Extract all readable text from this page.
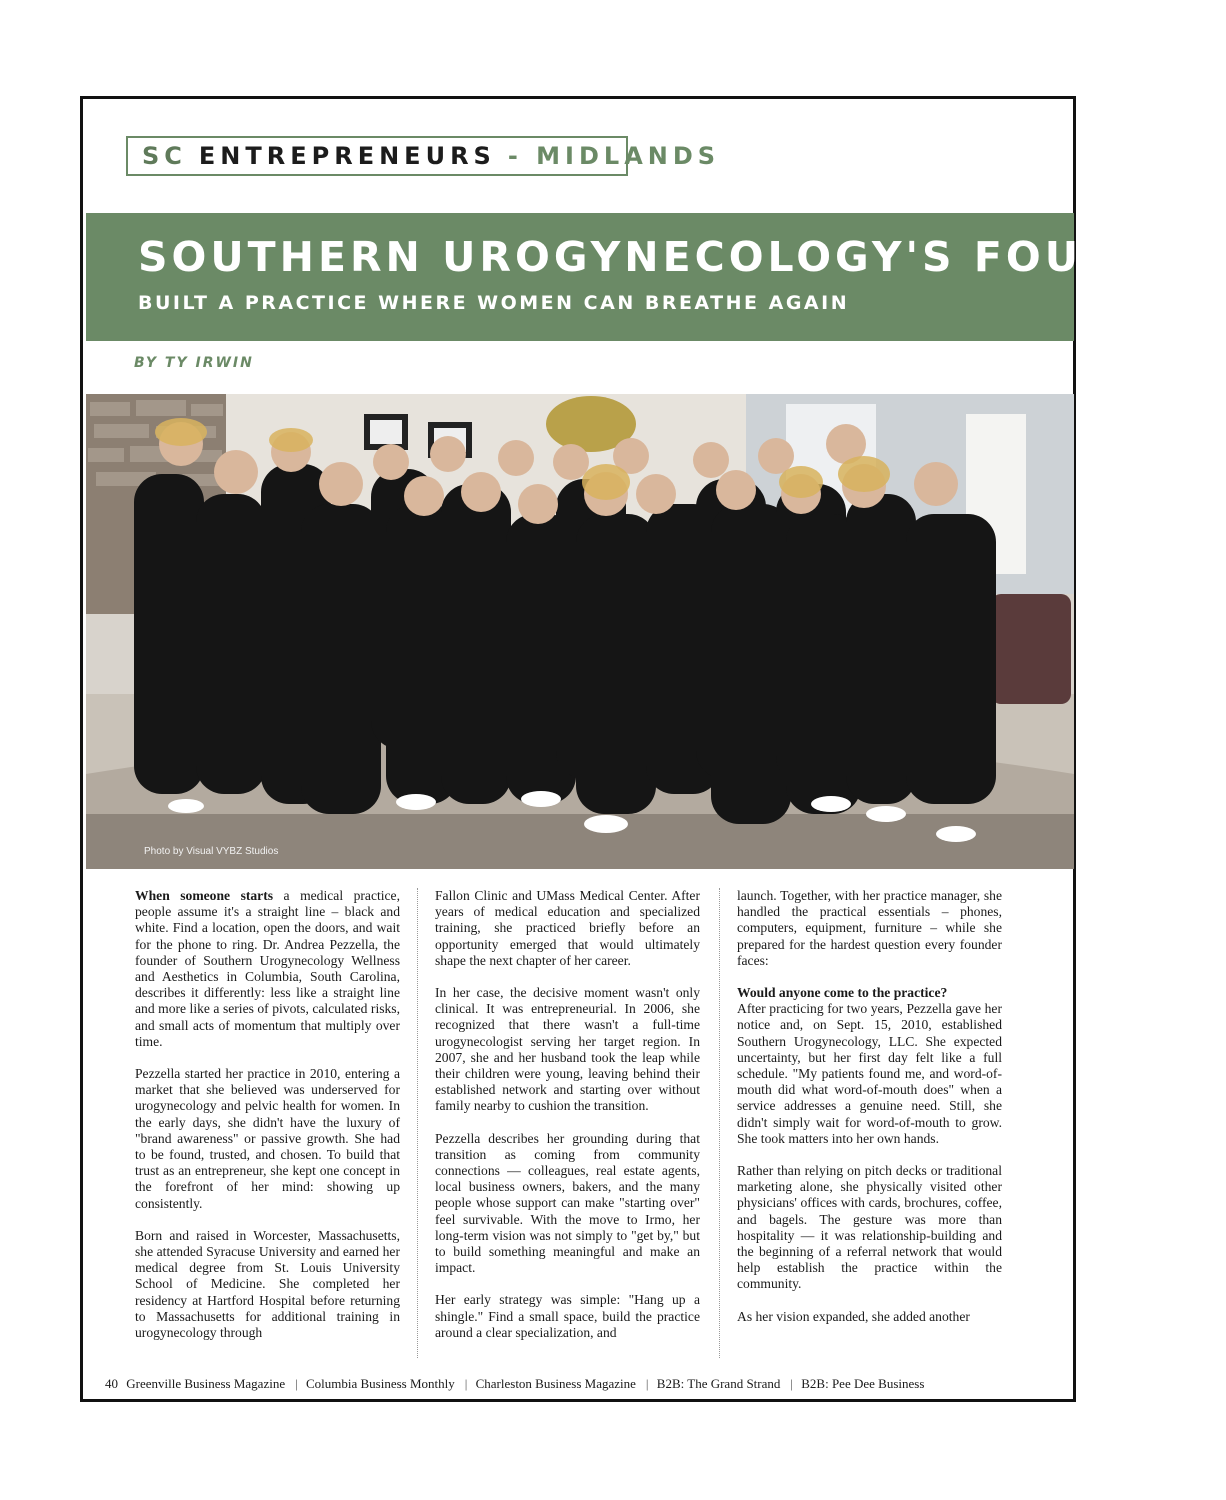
SC ENTREPRENEURS - MIDLANDS
SOUTHERN UROGYNECOLOGY'S FOUNDER
BUILT A PRACTICE WHERE WOMEN CAN BREATHE AGAIN
BY TY IRWIN
Photo by Visual VYBZ Studios

When someone starts a medical practice, people assume it's a straight line – black and white. Find a location, open the doors, and wait for the phone to ring. Dr. Andrea Pezzella, the founder of Southern Urogynecology Wellness and Aesthetics in Columbia, South Carolina, describes it differently: less like a straight line and more like a series of pivots, calculated risks, and small acts of momentum that multiply over time.

Pezzella started her practice in 2010, entering a market that she believed was underserved for urogynecology and pelvic health for women. In the early days, she didn't have the luxury of "brand awareness" or passive growth. She had to be found, trusted, and chosen. To build that trust as an entrepreneur, she kept one concept in the forefront of her mind: showing up consistently.

Born and raised in Worcester, Massachusetts, she attended Syracuse University and earned her medical degree from St. Louis University School of Medicine. She completed her residency at Hartford Hospital before returning to Massachusetts for additional training in urogynecology through

Fallon Clinic and UMass Medical Center. After years of medical education and specialized training, she practiced briefly before an opportunity emerged that would ultimately shape the next chapter of her career.

In her case, the decisive moment wasn't only clinical. It was entrepreneurial. In 2006, she recognized that there wasn't a full-time urogynecologist serving her target region. In 2007, she and her husband took the leap while their children were young, leaving behind their established network and starting over without family nearby to cushion the transition.

Pezzella describes her grounding during that transition as coming from community connections — colleagues, real estate agents, local business owners, bakers, and the many people whose support can make "starting over" feel survivable. With the move to Irmo, her long-term vision was not simply to "get by," but to build something meaningful and make an impact.

Her early strategy was simple: "Hang up a shingle." Find a small space, build the practice around a clear specialization, and

launch. Together, with her practice manager, she handled the practical essentials – phones, computers, equipment, furniture – while she prepared for the hardest question every founder faces:

Would anyone come to the practice?

After practicing for two years, Pezzella gave her notice and, on Sept. 15, 2010, established Southern Urogynecology, LLC. She expected uncertainty, but her first day felt like a full schedule. "My patients found me, and word-of-mouth did what word-of-mouth does" when a service addresses a genuine need. Still, she didn't simply wait for word-of-mouth to grow. She took matters into her own hands.

Rather than relying on pitch decks or traditional marketing alone, she physically visited other physicians' offices with cards, brochures, coffee, and bagels. The gesture was more than hospitality — it was relationship-building and the beginning of a referral network that would help establish the practice within the community.

As her vision expanded, she added another

40 Greenville Business Magazine | Columbia Business Monthly | Charleston Business Magazine | B2B: The Grand Strand | B2B: Pee Dee Business
